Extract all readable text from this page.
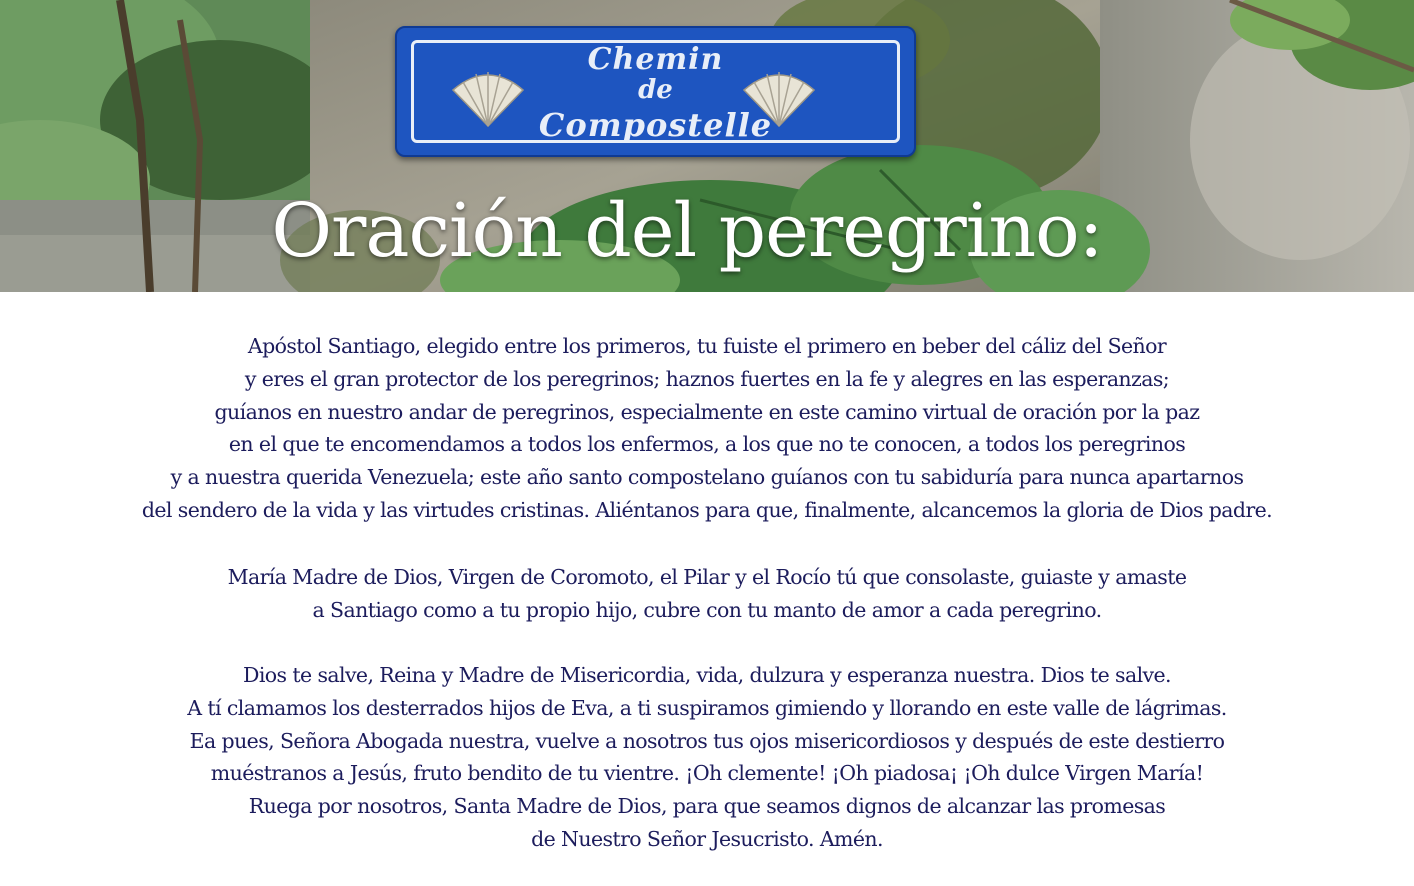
Chemin
de
Compostelle
Oración del peregrino:
Apóstol Santiago, elegido entre los primeros, tu fuiste el primero en beber del cáliz del Señor
y eres el gran protector de los peregrinos; haznos fuertes en la fe y alegres en las esperanzas;
guíanos en nuestro andar de peregrinos, especialmente en este camino virtual de oración por la paz
en el que te encomendamos a todos los enfermos, a los que no te conocen, a todos los peregrinos
y a nuestra querida Venezuela; este año santo compostelano guíanos con tu sabiduría para nunca apartarnos
del sendero de la vida y las virtudes cristinas. Aliéntanos para que, finalmente, alcancemos la gloria de Dios padre.
María Madre de Dios, Virgen de Coromoto, el Pilar y el Rocío tú que consolaste, guiaste y amaste
a Santiago como a tu propio hijo, cubre con tu manto de amor a cada peregrino.
Dios te salve, Reina y Madre de Misericordia, vida, dulzura y esperanza nuestra. Dios te salve.
A tí clamamos los desterrados hijos de Eva, a ti suspiramos gimiendo y llorando en este valle de lágrimas.
Ea pues, Señora Abogada nuestra, vuelve a nosotros tus ojos misericordiosos y después de este destierro
muéstranos a Jesús, fruto bendito de tu vientre. ¡Oh clemente! ¡Oh piadosa¡ ¡Oh dulce Virgen María!
Ruega por nosotros, Santa Madre de Dios, para que seamos dignos de alcanzar las promesas
de Nuestro Señor Jesucristo. Amén.
